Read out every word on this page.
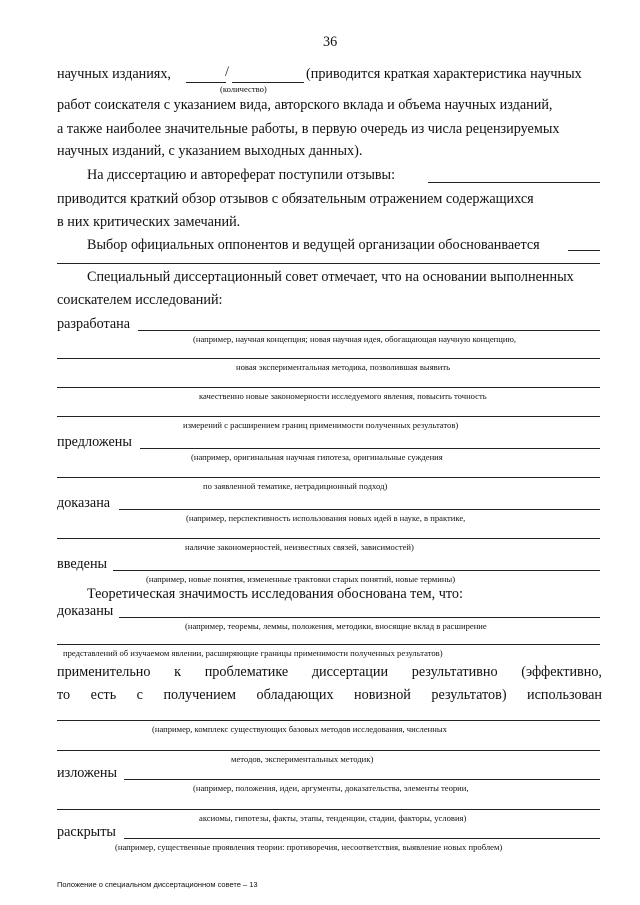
36
научных изданиях,	/	(приводится краткая характеристика научных
(количество)
работ соискателя с указанием вида, авторского вклада и объема научных изданий,
а также наиболее значительные работы, в первую очередь из числа рецензируемых
научных изданий, с указанием выходных данных).
На диссертацию и автореферат поступили отзывы:
приводится краткий обзор отзывов с обязательным отражением содержащихся
в них критических замечаний.
Выбор официальных оппонентов и ведущей организации обоснованвается
Специальный диссертационный совет отмечает, что на основании выполненных
соискателем исследований:
разработана
(например, научная концепция; новая научная идея, обогащающая научную концепцию,
новая экспериментальная методика, позволившая выявить
качественно новые закономерности исследуемого явления, повысить точность
измерений с расширением границ применимости полученных результатов)
предложены
(например, оригинальная научная гипотеза, оригинальные суждения
по заявленной тематике, нетрадиционный подход)
доказана
(например, перспективность использования новых идей в науке, в практике,
наличие закономерностей, неизвестных связей, зависимостей)
введены
(например, новые понятия, измененные трактовки старых понятий, новые термины)
Теоретическая значимость исследования обоснована тем, что:
доказаны
(например, теоремы, леммы, положения, методики, вносящие вклад в расширение
представлений об изучаемом явлении, расширяющие границы применимости полученных результатов)
применительно к проблематике диссертации результативно (эффективно,
то есть с получением обладающих новизной результатов) использован
(например, комплекс существующих базовых методов исследования, численных
методов, экспериментальных методик)
изложены
(например, положения, идеи, аргументы, доказательства, элементы теории,
аксиомы, гипотезы, факты, этапы, тенденции, стадии, факторы, условия)
раскрыты
(например, существенные проявления теории: противоречия, несоответствия, выявление новых проблем)
Положение о специальном диссертационном совете – 13
